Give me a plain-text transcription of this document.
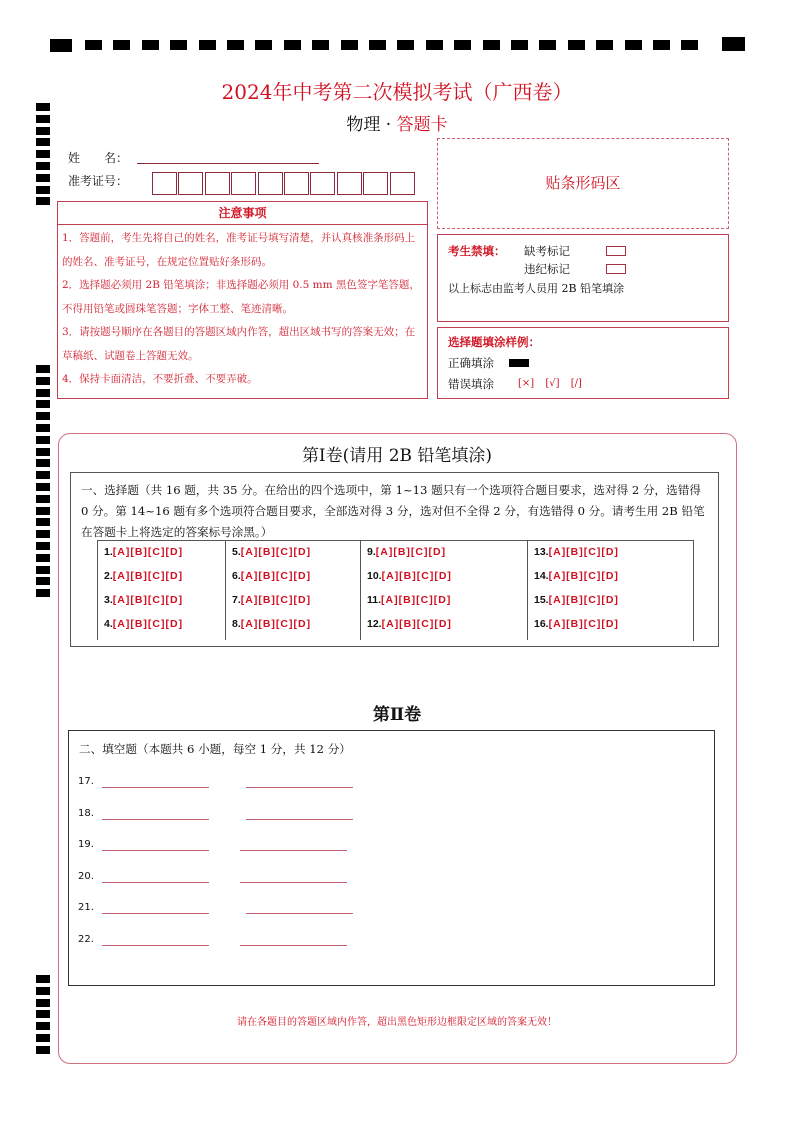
2024年中考第二次模拟考试（广西卷）
物理 · 答题卡
姓　　名：
准考证号：	贴条形码区
注意事项
1．答题前，考生先将自己的姓名，准考证号填写清楚，并认真核准条形码上的姓名、准考证号，在规定位置贴好条形码。
2．选择题必须用 2B 铅笔填涂；非选择题必须用 0.5 mm 黑色签字笔答题，不得用铅笔或圆珠笔答题；字体工整、笔迹清晰。
3．请按题号顺序在各题目的答题区域内作答，超出区域书写的答案无效；在草稿纸、试题卷上答题无效。
4．保持卡面清洁，不要折叠、不要弄破。
考生禁填： 缺考标记
违纪标记
以上标志由监考人员用 2B 铅笔填涂
选择题填涂样例：
正确填涂
错误填涂 [×] [√] [/]
第Ⅰ卷(请用 2B 铅笔填涂)
一、选择题（共 16 题，共 35 分。在给出的四个选项中，第 1~13 题只有一个选项符合题目要求，选对得 2 分，选错得 0 分。第 14~16 题有多个选项符合题目要求，全部选对得 3 分，选对但不全得 2 分，有选错得 0 分。请考生用 2B 铅笔在答题卡上将选定的答案标号涂黑。）
1.[A][B][C][D]
2.[A][B][C][D]
3.[A][B][C][D]
4.[A][B][C][D]
5.[A][B][C][D]
6.[A][B][C][D]
7.[A][B][C][D]
8.[A][B][C][D]
9.[A][B][C][D]
10.[A][B][C][D]
11.[A][B][C][D]
12.[A][B][C][D]
13.[A][B][C][D]
14.[A][B][C][D]
15.[A][B][C][D]
16.[A][B][C][D]
第Ⅱ卷
二、填空题（本题共 6 小题，每空 1 分，共 12 分）
17.
18.
19.
20.
21.
22.
请在各题目的答题区域内作答，超出黑色矩形边框限定区域的答案无效！
